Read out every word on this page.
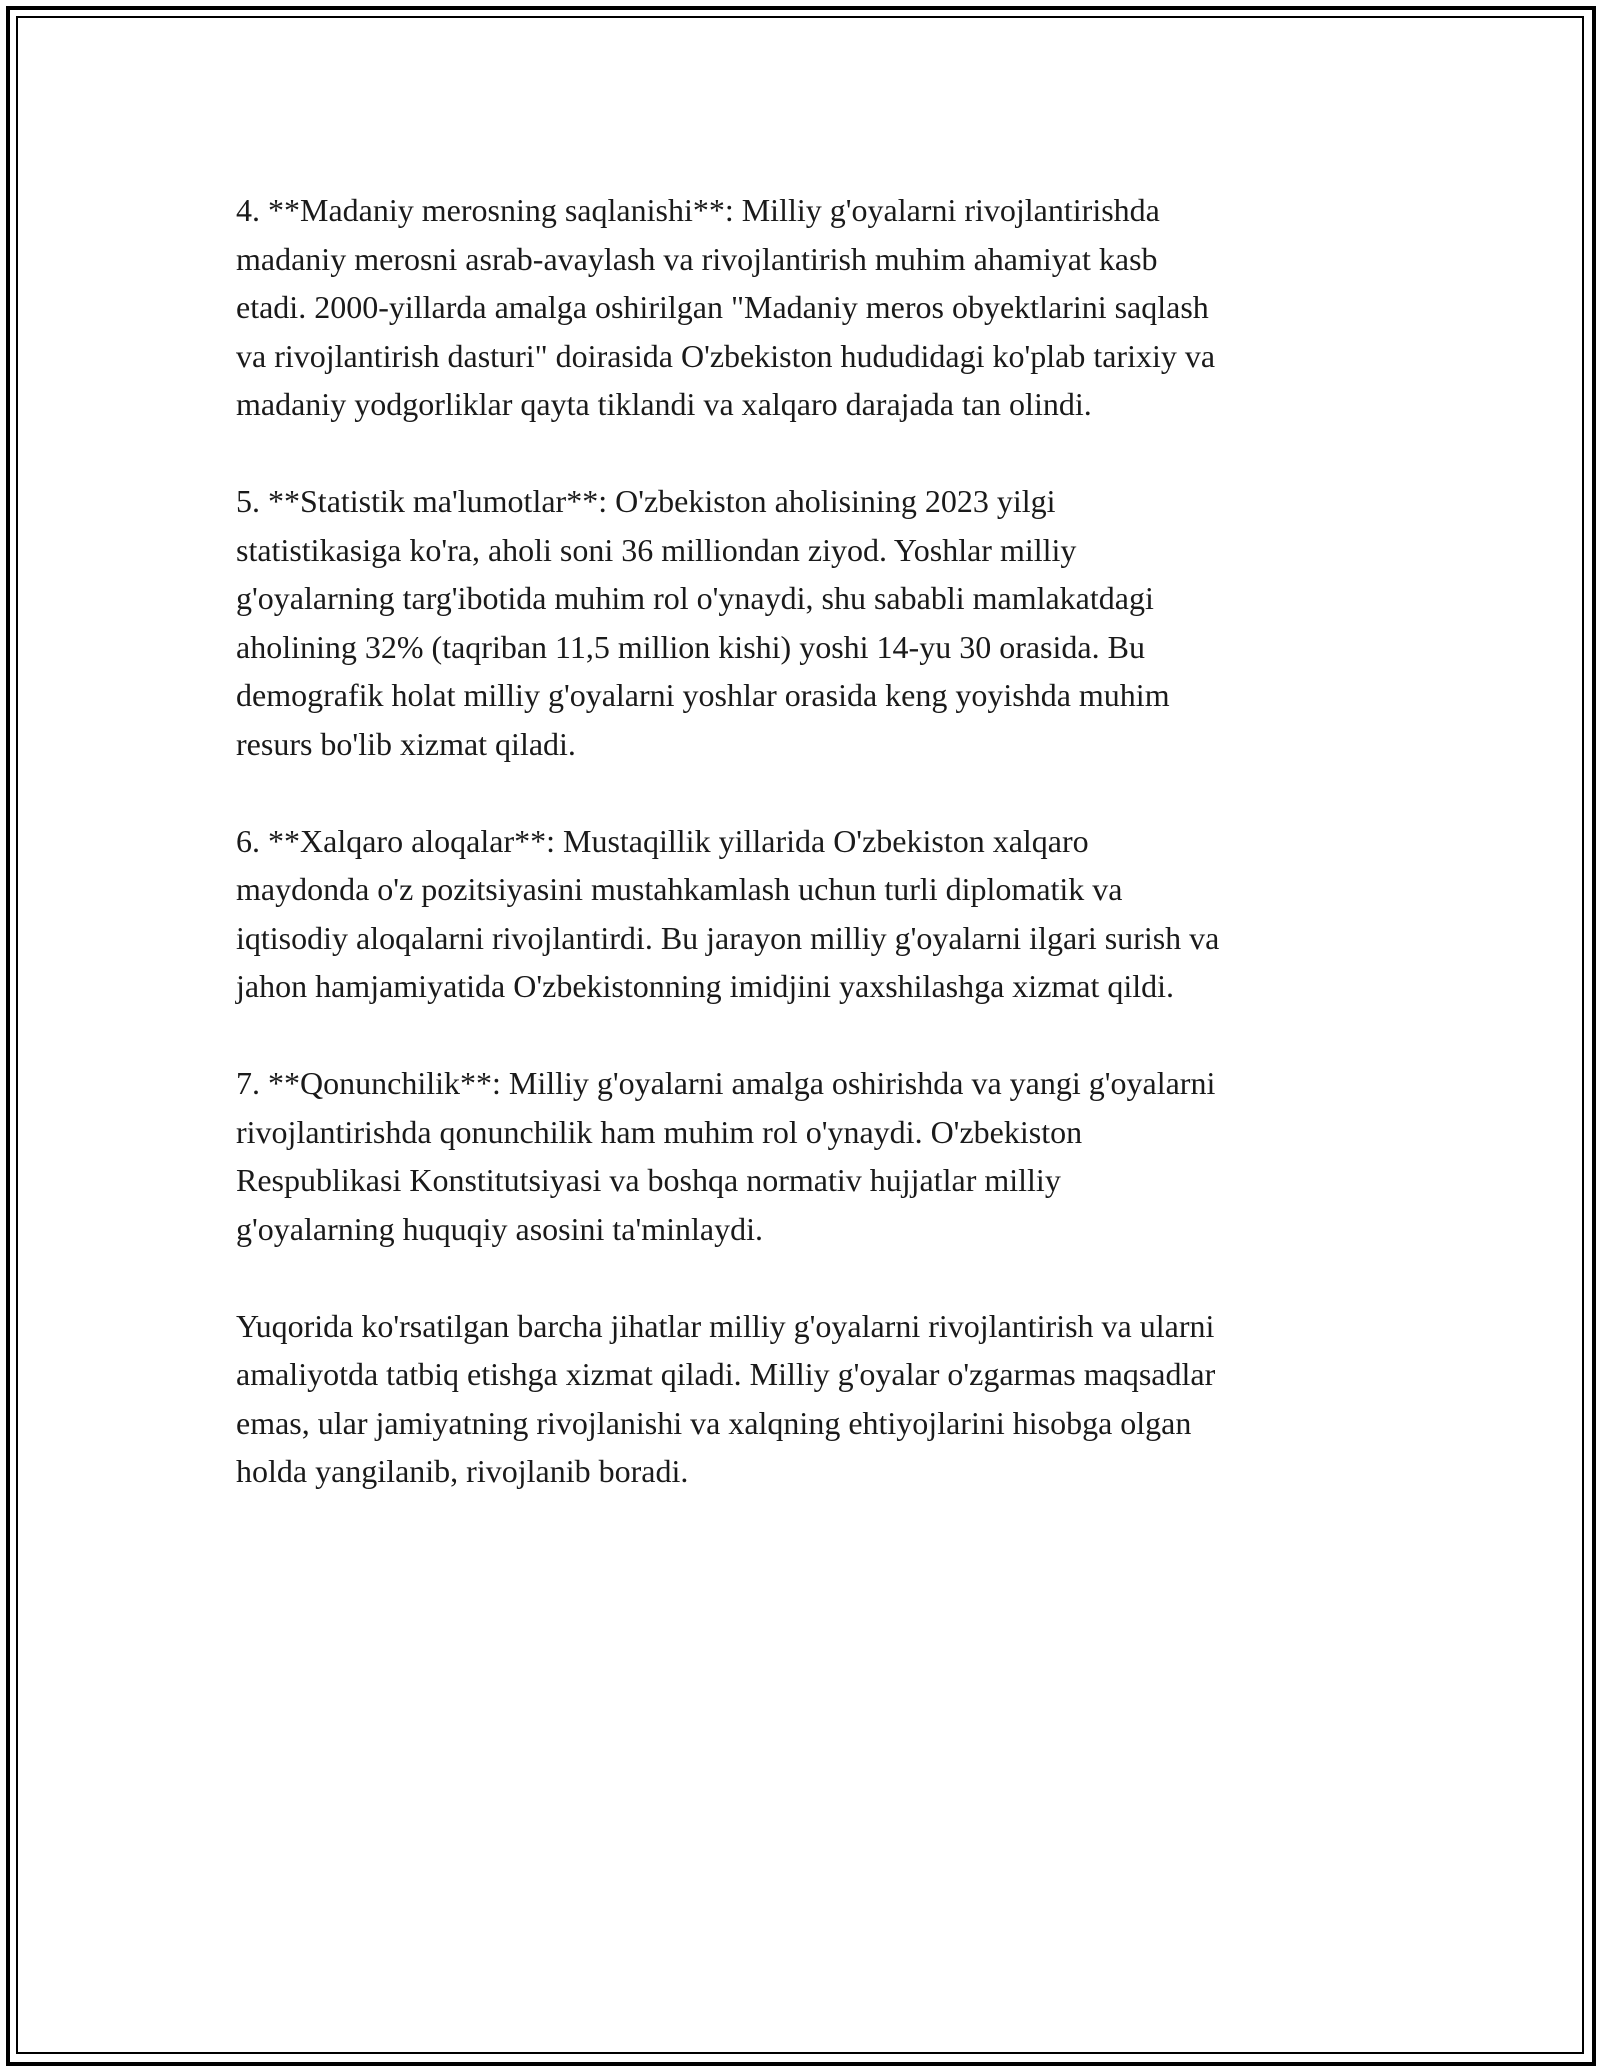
4. **Madaniy merosning saqlanishi**: Milliy g'oyalarni rivojlantirishda
madaniy merosni asrab-avaylash va rivojlantirish muhim ahamiyat kasb
etadi. 2000-yillarda amalga oshirilgan "Madaniy meros obyektlarini saqlash
va rivojlantirish dasturi" doirasida O'zbekiston hududidagi ko'plab tarixiy va
madaniy yodgorliklar qayta tiklandi va xalqaro darajada tan olindi.

5. **Statistik ma'lumotlar**: O'zbekiston aholisining 2023 yilgi
statistikasiga ko'ra, aholi soni 36 milliondan ziyod. Yoshlar milliy
g'oyalarning targ'ibotida muhim rol o'ynaydi, shu sababli mamlakatdagi
aholining 32% (taqriban 11,5 million kishi) yoshi 14-yu 30 orasida. Bu
demografik holat milliy g'oyalarni yoshlar orasida keng yoyishda muhim
resurs bo'lib xizmat qiladi.

6. **Xalqaro aloqalar**: Mustaqillik yillarida O'zbekiston xalqaro
maydonda o'z pozitsiyasini mustahkamlash uchun turli diplomatik va
iqtisodiy aloqalarni rivojlantirdi. Bu jarayon milliy g'oyalarni ilgari surish va
jahon hamjamiyatida O'zbekistonning imidjini yaxshilashga xizmat qildi.

7. **Qonunchilik**: Milliy g'oyalarni amalga oshirishda va yangi g'oyalarni
rivojlantirishda qonunchilik ham muhim rol o'ynaydi. O'zbekiston
Respublikasi Konstitutsiyasi va boshqa normativ hujjatlar milliy
g'oyalarning huquqiy asosini ta'minlaydi.

Yuqorida ko'rsatilgan barcha jihatlar milliy g'oyalarni rivojlantirish va ularni
amaliyotda tatbiq etishga xizmat qiladi. Milliy g'oyalar o'zgarmas maqsadlar
emas, ular jamiyatning rivojlanishi va xalqning ehtiyojlarini hisobga olgan
holda yangilanib, rivojlanib boradi.
